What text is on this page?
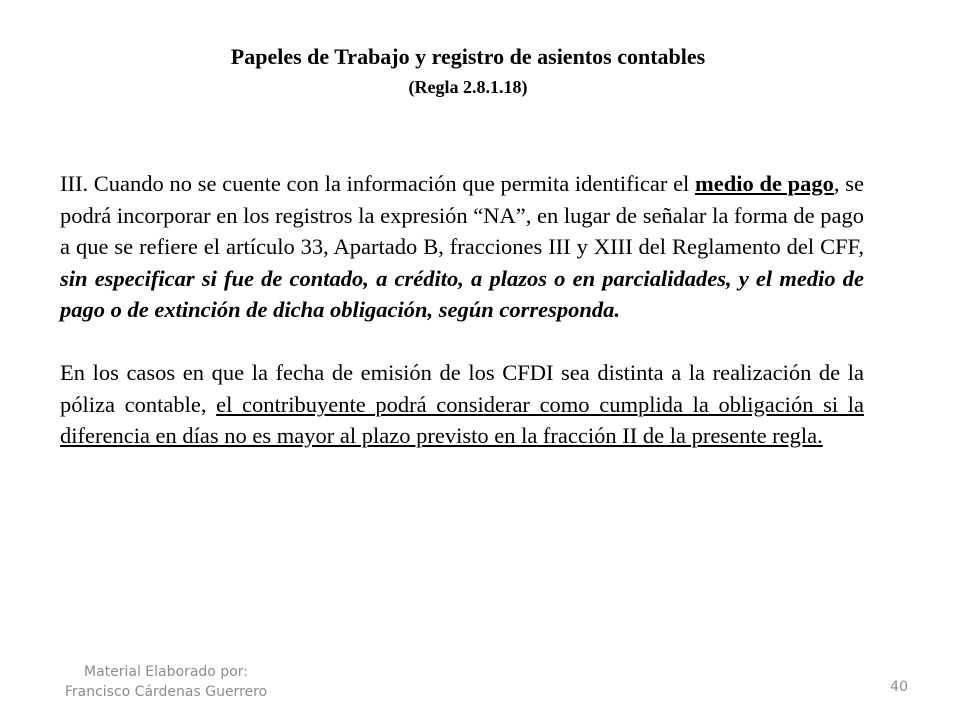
Papeles de Trabajo y registro de asientos contables
(Regla 2.8.1.18)

III. Cuando no se cuente con la información que permita identificar el medio de pago, se podrá incorporar en los registros la expresión “NA”, en lugar de señalar la forma de pago a que se refiere el artículo 33, Apartado B, fracciones III y XIII del Reglamento del CFF, sin especificar si fue de contado, a crédito, a plazos o en parcialidades, y el medio de pago o de extinción de dicha obligación, según corresponda.

En los casos en que la fecha de emisión de los CFDI sea distinta a la realización de la póliza contable, el contribuyente podrá considerar como cumplida la obligación si la diferencia en días no es mayor al plazo previsto en la fracción II de la presente regla.

Material Elaborado por:
Francisco Cárdenas Guerrero	40
